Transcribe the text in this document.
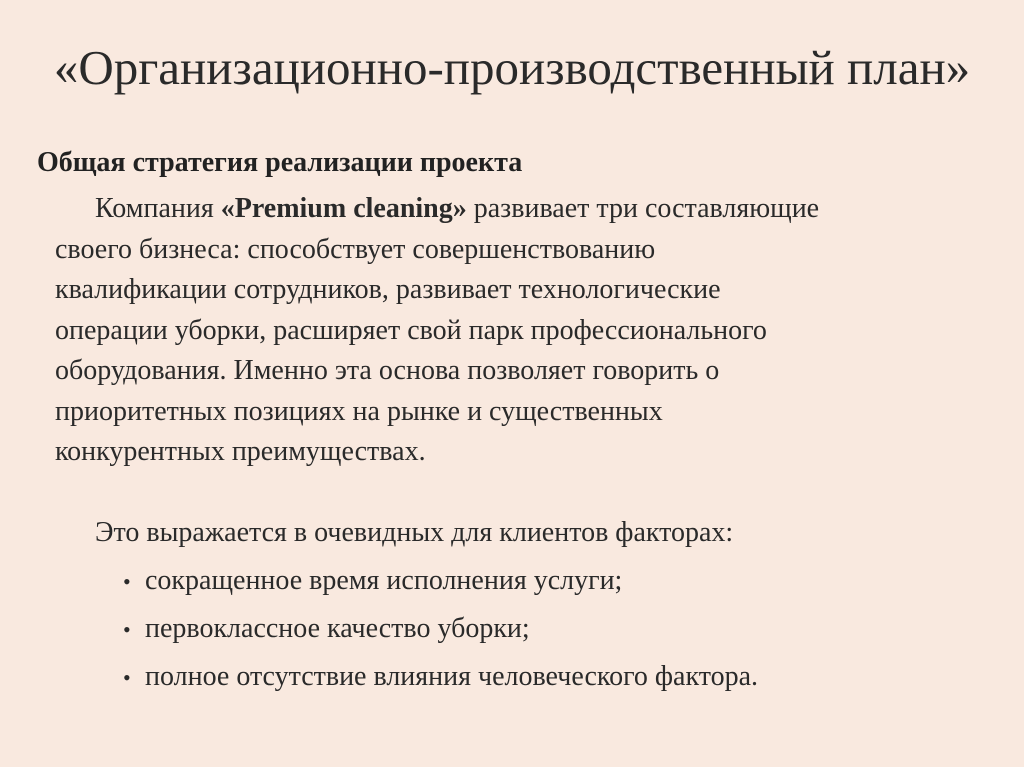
«Организационно-производственный план»
Общая стратегия реализации проекта
Компания «Premium cleaning» развивает три составляющие
своего бизнеса: способствует совершенствованию
квалификации сотрудников, развивает технологические
операции уборки, расширяет свой парк профессионального
оборудования. Именно эта основа позволяет говорить о
приоритетных позициях на рынке и существенных
конкурентных преимуществах.
Это выражается в очевидных для клиентов факторах:
• сокращенное время исполнения услуги;
• первоклассное качество уборки;
• полное отсутствие влияния человеческого фактора.
